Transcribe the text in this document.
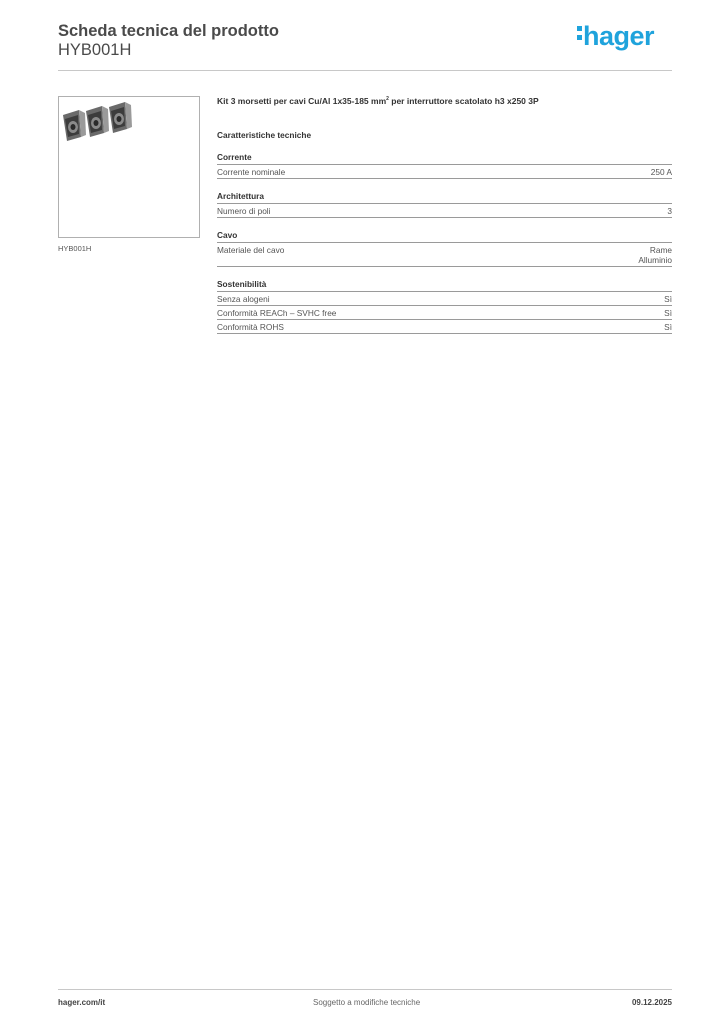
Scheda tecnica del prodotto
HYB001H	hager
HYB001H

Kit 3 morsetti per cavi Cu/Al 1x35-185 $mm^2$ per interruttore scatolato h3 x250 3P

Caratteristiche tecniche
Corrente
Corrente nominale	250 A
Architettura
Numero di poli	3
Cavo
Materiale del cavo	Rame
Alluminio
Sostenibilità
Senza alogeni	Sì
Conformità REACh – SVHC free	Sì
Conformità ROHS	Sì
hager.com/it	Soggetto a modifiche tecniche	09.12.2025
